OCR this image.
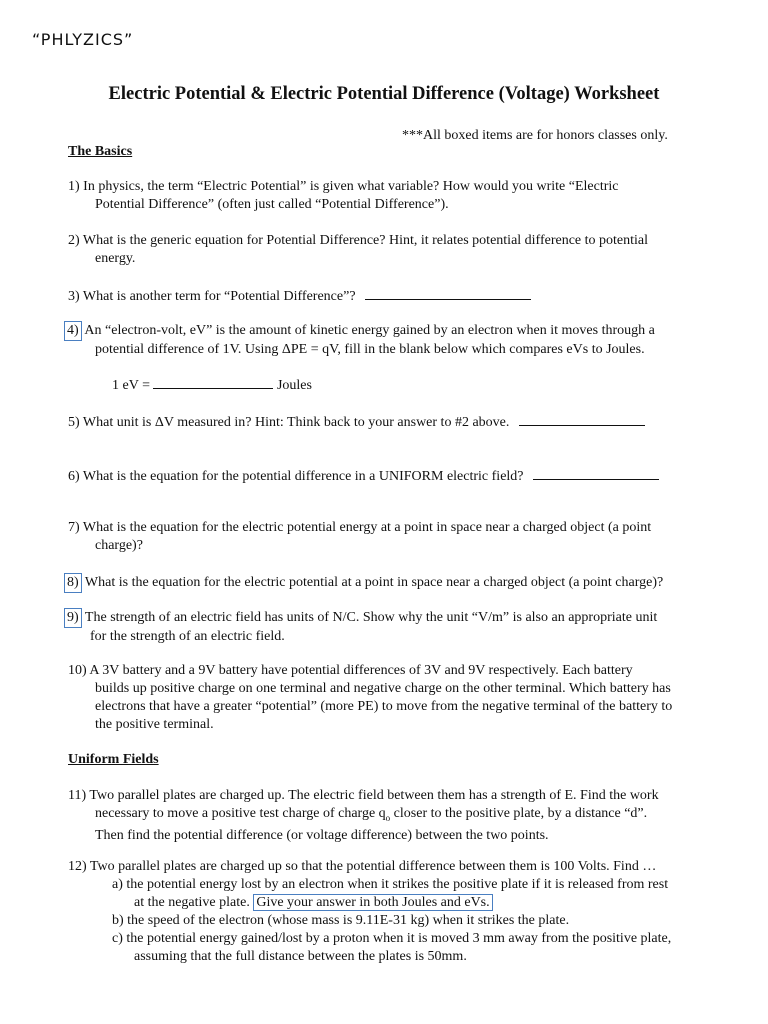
“PHLYZICS”
Electric Potential & Electric Potential Difference (Voltage) Worksheet
***All boxed items are for honors classes only.
The Basics
1) In physics, the term “Electric Potential” is given what variable? How would you write “Electric
Potential Difference” (often just called “Potential Difference”).
2) What is the generic equation for Potential Difference? Hint, it relates potential difference to potential
energy.
3) What is another term for “Potential Difference”?
4) An “electron-volt, eV” is the amount of kinetic energy gained by an electron when it moves through a
potential difference of 1V. Using ΔPE = qV, fill in the blank below which compares eVs to Joules.
1 eV =	Joules
5) What unit is ΔV measured in? Hint: Think back to your answer to #2 above.
6) What is the equation for the potential difference in a UNIFORM electric field?
7) What is the equation for the electric potential energy at a point in space near a charged object (a point
charge)?
8) What is the equation for the electric potential at a point in space near a charged object (a point charge)?
9) The strength of an electric field has units of N/C. Show why the unit “V/m” is also an appropriate unit
for the strength of an electric field.
10) A 3V battery and a 9V battery have potential differences of 3V and 9V respectively. Each battery
builds up positive charge on one terminal and negative charge on the other terminal. Which battery has
electrons that have a greater “potential” (more PE) to move from the negative terminal of the battery to
the positive terminal.
Uniform Fields
11) Two parallel plates are charged up. The electric field between them has a strength of E. Find the work
necessary to move a positive test charge of charge $q_o$ closer to the positive plate, by a distance “d”.
Then find the potential difference (or voltage difference) between the two points.
12) Two parallel plates are charged up so that the potential difference between them is 100 Volts. Find …
a) the potential energy lost by an electron when it strikes the positive plate if it is released from rest
at the negative plate. Give your answer in both Joules and eVs.
b) the speed of the electron (whose mass is 9.11E-31 kg) when it strikes the plate.
c) the potential energy gained/lost by a proton when it is moved 3 mm away from the positive plate,
assuming that the full distance between the plates is 50mm.
